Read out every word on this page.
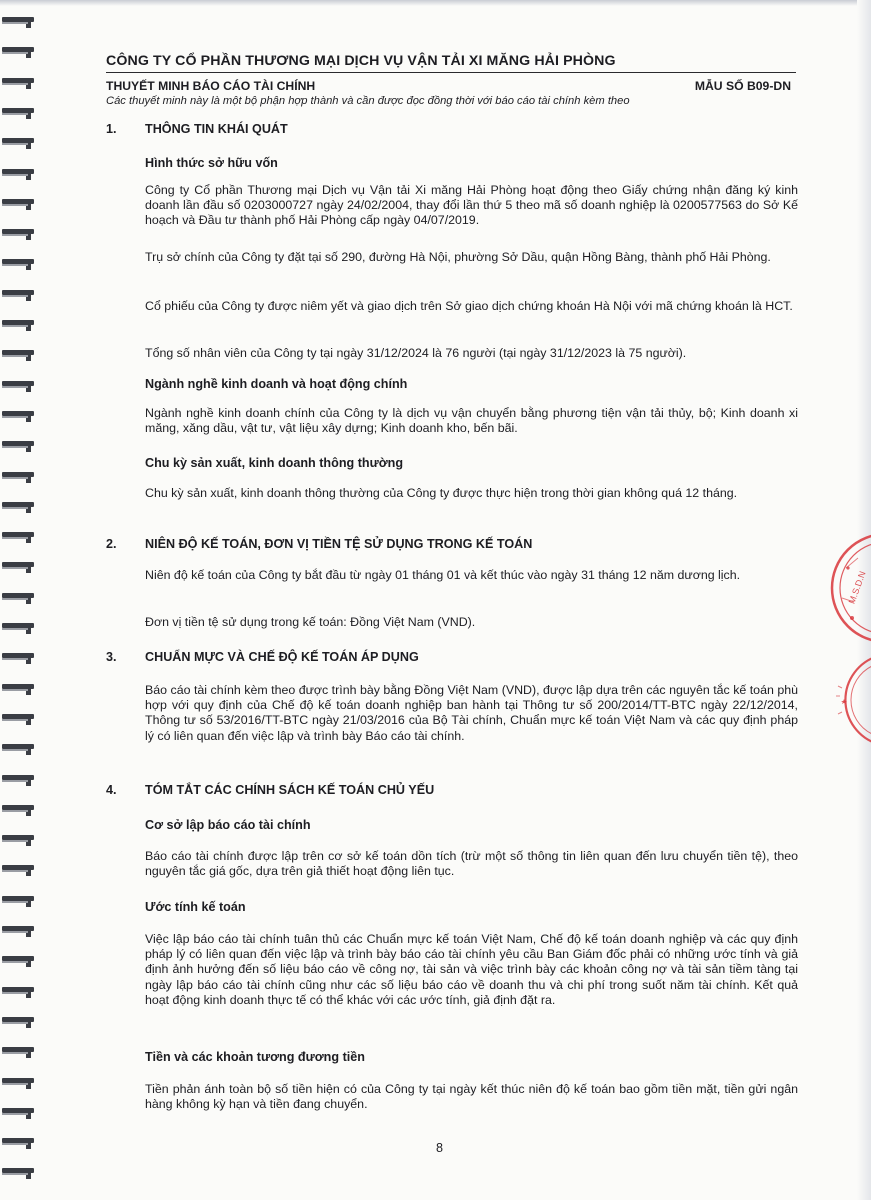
CÔNG TY CỔ PHẦN THƯƠNG MẠI DỊCH VỤ VẬN TẢI XI MĂNG HẢI PHÒNG
THUYẾT MINH BÁO CÁO TÀI CHÍNH	MẪU SỐ B09-DN
Các thuyết minh này là một bộ phận hợp thành và cần được đọc đồng thời với báo cáo tài chính kèm theo
1. THÔNG TIN KHÁI QUÁT
Hình thức sở hữu vốn
Công ty Cổ phần Thương mại Dịch vụ Vận tải Xi măng Hải Phòng hoạt động theo Giấy chứng nhận đăng ký kinh doanh lần đầu số 0203000727 ngày 24/02/2004, thay đổi lần thứ 5 theo mã số doanh nghiệp là 0200577563 do Sở Kế hoạch và Đầu tư thành phố Hải Phòng cấp ngày 04/07/2019.
Trụ sở chính của Công ty đặt tại số 290, đường Hà Nội, phường Sở Dầu, quận Hồng Bàng, thành phố Hải Phòng.
Cổ phiếu của Công ty được niêm yết và giao dịch trên Sở giao dịch chứng khoán Hà Nội với mã chứng khoán là HCT.
Tổng số nhân viên của Công ty tại ngày 31/12/2024 là 76 người (tại ngày 31/12/2023 là 75 người).
Ngành nghề kinh doanh và hoạt động chính
Ngành nghề kinh doanh chính của Công ty là dịch vụ vận chuyển bằng phương tiện vận tải thủy, bộ; Kinh doanh xi măng, xăng dầu, vật tư, vật liệu xây dựng; Kinh doanh kho, bến bãi.
Chu kỳ sản xuất, kinh doanh thông thường
Chu kỳ sản xuất, kinh doanh thông thường của Công ty được thực hiện trong thời gian không quá 12 tháng.
2. NIÊN ĐỘ KẾ TOÁN, ĐƠN VỊ TIỀN TỆ SỬ DỤNG TRONG KẾ TOÁN
Niên độ kế toán của Công ty bắt đầu từ ngày 01 tháng 01 và kết thúc vào ngày 31 tháng 12 năm dương lịch.
Đơn vị tiền tệ sử dụng trong kế toán: Đồng Việt Nam (VND).
3. CHUẨN MỰC VÀ CHẾ ĐỘ KẾ TOÁN ÁP DỤNG
Báo cáo tài chính kèm theo được trình bày bằng Đồng Việt Nam (VND), được lập dựa trên các nguyên tắc kế toán phù hợp với quy định của Chế độ kế toán doanh nghiệp ban hành tại Thông tư số 200/2014/TT-BTC ngày 22/12/2014, Thông tư số 53/2016/TT-BTC ngày 21/03/2016 của Bộ Tài chính, Chuẩn mực kế toán Việt Nam và các quy định pháp lý có liên quan đến việc lập và trình bày Báo cáo tài chính.
4. TÓM TẮT CÁC CHÍNH SÁCH KẾ TOÁN CHỦ YẾU
Cơ sở lập báo cáo tài chính
Báo cáo tài chính được lập trên cơ sở kế toán dồn tích (trừ một số thông tin liên quan đến lưu chuyển tiền tệ), theo nguyên tắc giá gốc, dựa trên giả thiết hoạt động liên tục.
Ước tính kế toán
Việc lập báo cáo tài chính tuân thủ các Chuẩn mực kế toán Việt Nam, Chế độ kế toán doanh nghiệp và các quy định pháp lý có liên quan đến việc lập và trình bày báo cáo tài chính yêu cầu Ban Giám đốc phải có những ước tính và giả định ảnh hưởng đến số liệu báo cáo về công nợ, tài sản và việc trình bày các khoản công nợ và tài sản tiềm tàng tại ngày lập báo cáo tài chính cũng như các số liệu báo cáo về doanh thu và chi phí trong suốt năm tài chính. Kết quả hoạt động kinh doanh thực tế có thể khác với các ước tính, giả định đặt ra.
Tiền và các khoản tương đương tiền
Tiền phản ánh toàn bộ số tiền hiện có của Công ty tại ngày kết thúc niên độ kế toán bao gồm tiền mặt, tiền gửi ngân hàng không kỳ hạn và tiền đang chuyển.
8
M.S.D.N
